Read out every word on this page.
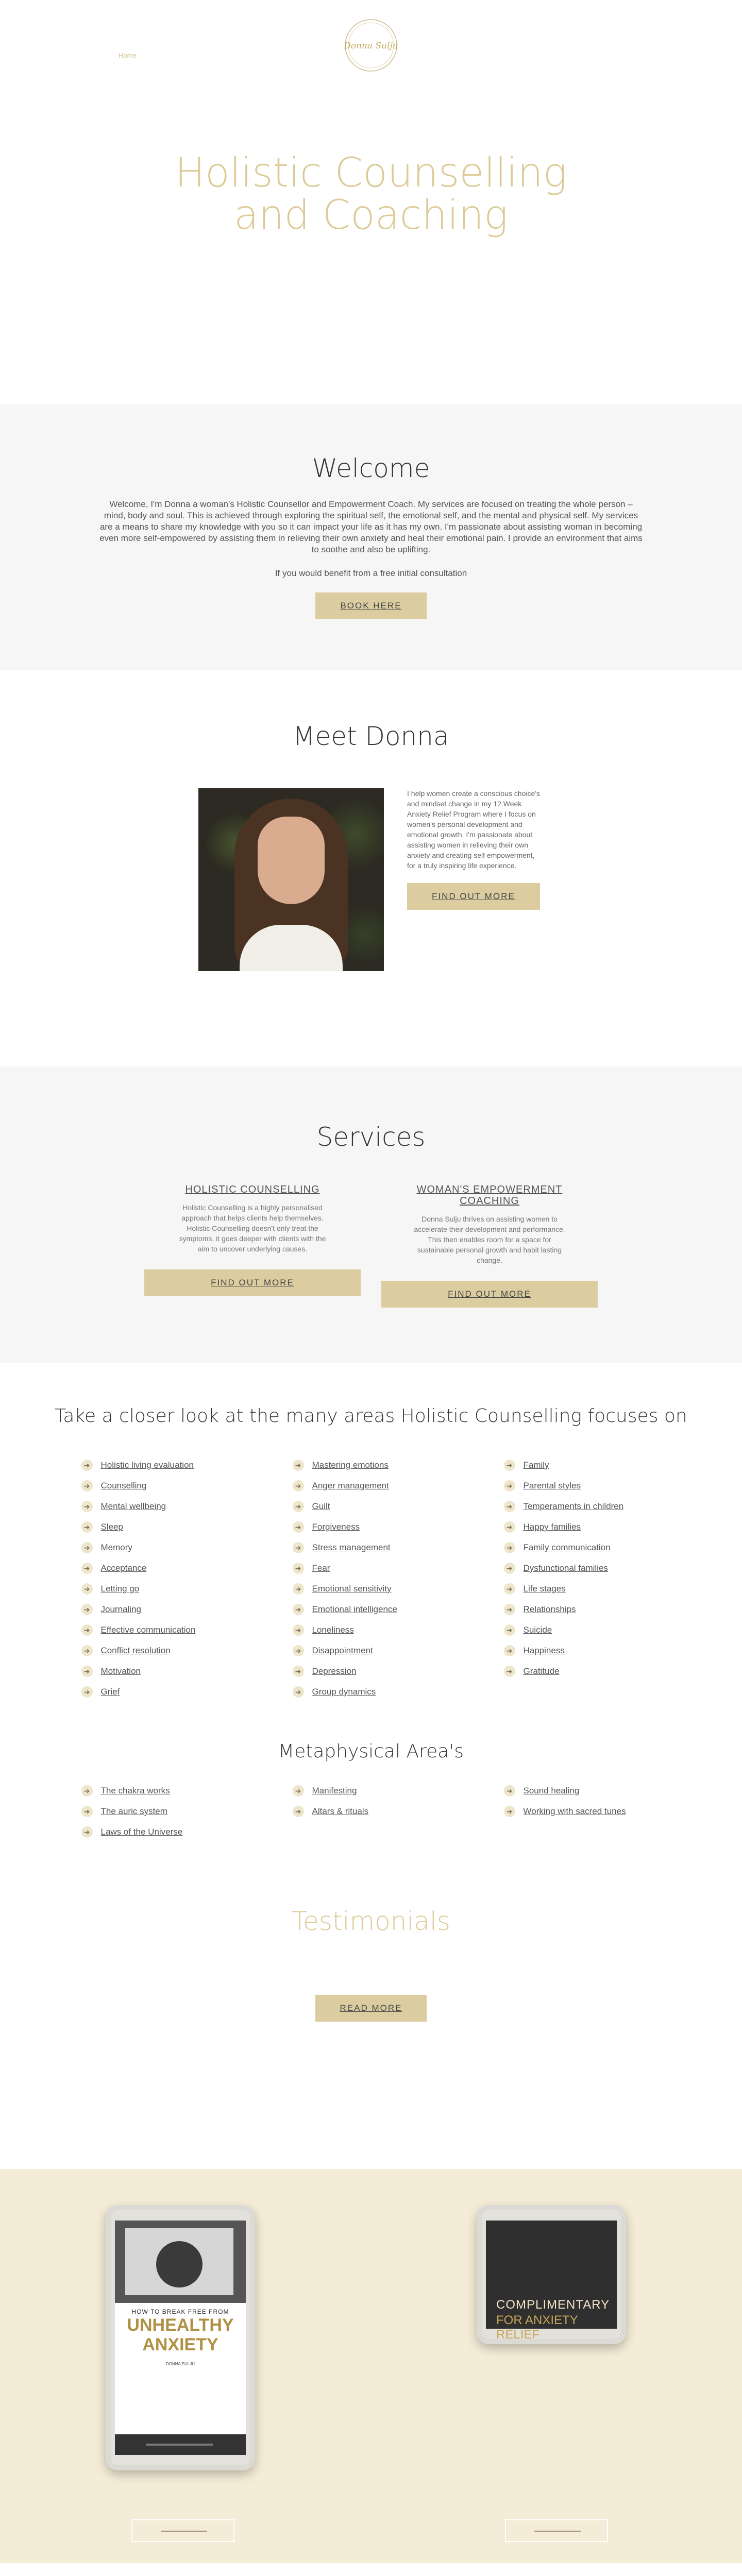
Home
Donna Sulju
Holistic Counselling
and Coaching
Welcome

Welcome, I'm Donna a woman's Holistic Counsellor and Empowerment Coach. My services are focused on treating the whole person – mind, body and soul. This is achieved through exploring the spiritual self, the emotional self, and the mental and physical self. My services are a means to share my knowledge with you so it can impact your life as it has my own. I'm passionate about assisting woman in becoming even more self-empowered by assisting them in relieving their own anxiety and heal their emotional pain. I provide an environment that aims to soothe and also be uplifting.

If you would benefit from a free initial consultation

BOOK HERE
Meet Donna

I help women create a conscious choice's and mindset change in my 12 Week Anxiety Relief Program where I focus on women's personal development and emotional growth. I'm passionate about assisting women in relieving their own anxiety and creating self empowerment, for a truly inspiring life experience.

FIND OUT MORE
Services
HOLISTIC COUNSELLING

Holistic Counselling is a highly personalised approach that helps clients help themselves. Holistic Counselling doesn't only treat the symptoms, it goes deeper with clients with the aim to uncover underlying causes.

FIND OUT MORE
WOMAN'S EMPOWERMENT COACHING

Donna Sulju thrives on assisting women to accelerate their development and performance. This then enables room for a space for sustainable personal growth and habit lasting change.

FIND OUT MORE
Take a closer look at the many areas Holistic Counselling focuses on
➜	Holistic living evaluation
➜	Counselling
➜	Mental wellbeing
➜	Sleep
➜	Memory
➜	Acceptance
➜	Letting go
➜	Journaling
➜	Effective communication
➜	Conflict resolution
➜	Motivation
➜	Grief
➜	Mastering emotions
➜	Anger management
➜	Guilt
➜	Forgiveness
➜	Stress management
➜	Fear
➜	Emotional sensitivity
➜	Emotional intelligence
➜	Loneliness
➜	Disappointment
➜	Depression
➜	Group dynamics
➜	Family
➜	Parental styles
➜	Temperaments in children
➜	Happy families
➜	Family communication
➜	Dysfunctional families
➜	Life stages
➜	Relationships
➜	Suicide
➜	Happiness
➜	Gratitude
Metaphysical Area's
➜	The chakra works
➜	The auric system
➜	Laws of the Universe
➜	Manifesting
➜	Altars & rituals
➜	Sound healing
➜	Working with sacred tunes
Testimonials
READ MORE
HOW TO BREAK FREE FROM
UNHEALTHY
ANXIETY
DONNA SULJU
COMPLIMENTARY
FOR ANXIETY RELIEF
